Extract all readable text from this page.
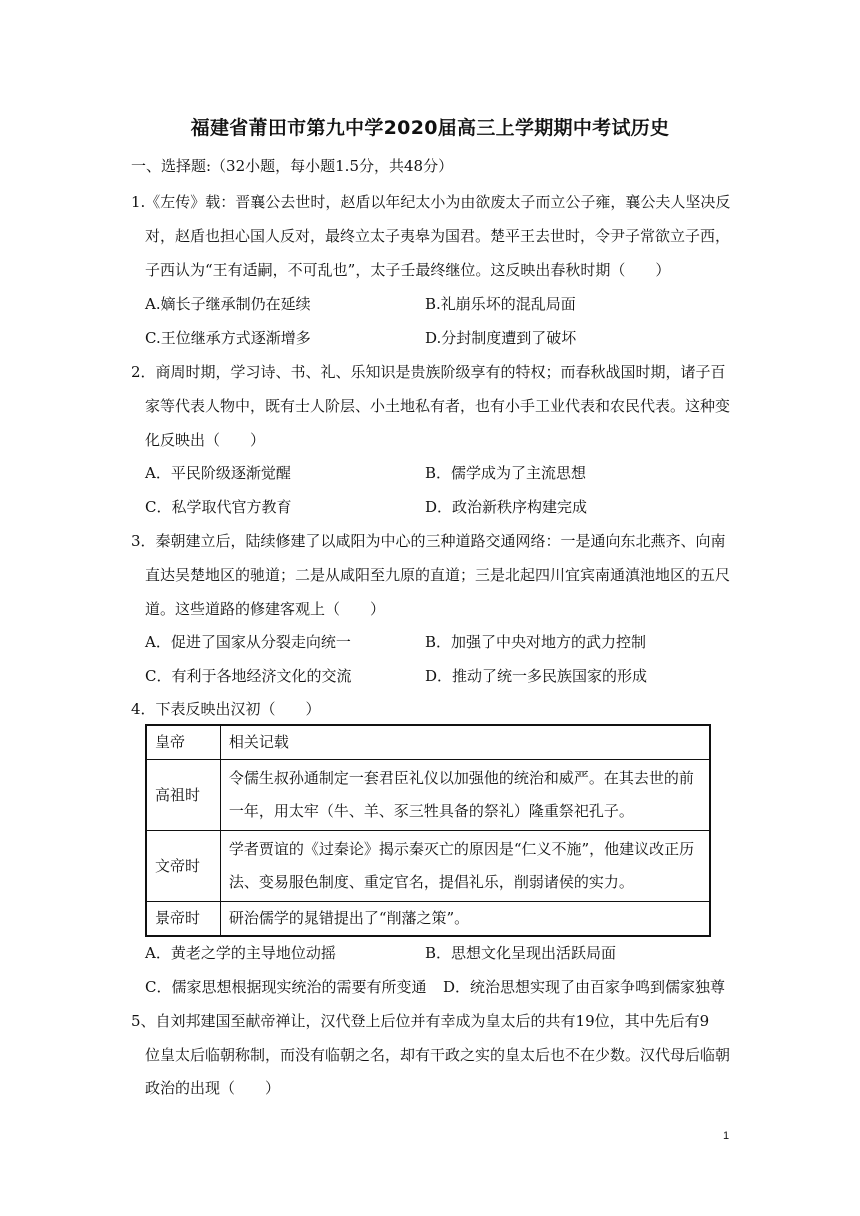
福建省莆田市第九中学2020届高三上学期期中考试历史
一、选择题:（32小题，每小题1.5分，共48分）
1.《左传》载：晋襄公去世时，赵盾以年纪太小为由欲废太子而立公子雍，襄公夫人坚决反
对，赵盾也担心国人反对，最终立太子夷皋为国君。楚平王去世时，令尹子常欲立子西，
子西认为“王有适嗣，不可乱也”，太子壬最终继位。这反映出春秋时期（　　）
A.嫡长子继承制仍在延续	B.礼崩乐坏的混乱局面
C.王位继承方式逐渐增多	D.分封制度遭到了破坏
2．商周时期，学习诗、书、礼、乐知识是贵族阶级享有的特权；而春秋战国时期，诸子百
家等代表人物中，既有士人阶层、小土地私有者，也有小手工业代表和农民代表。这种变
化反映出（　　）
A．平民阶级逐渐觉醒	B．儒学成为了主流思想
C．私学取代官方教育	D．政治新秩序构建完成
3．秦朝建立后，陆续修建了以咸阳为中心的三种道路交通网络：一是通向东北燕齐、向南
直达吴楚地区的驰道；二是从咸阳至九原的直道；三是北起四川宜宾南通滇池地区的五尺
道。这些道路的修建客观上（　　）
A．促进了国家从分裂走向统一	B．加强了中央对地方的武力控制
C．有利于各地经济文化的交流	D．推动了统一多民族国家的形成
4．下表反映出汉初（　　）
皇帝	相关记载
高祖时	令儒生叔孙通制定一套君臣礼仪以加强他的统治和威严。在其去世的前
一年，用太牢（牛、羊、豕三牲具备的祭礼）隆重祭祀孔子。

文帝时	学者贾谊的《过秦论》揭示秦灭亡的原因是“仁义不施”，他建议改正历
法、变易服色制度、重定官名，提倡礼乐，削弱诸侯的实力。

景帝时	研治儒学的晁错提出了“削藩之策”。
A．黄老之学的主导地位动摇	B．思想文化呈现出活跃局面
C．儒家思想根据现实统治的需要有所变通 D．统治思想实现了由百家争鸣到儒家独尊
5、自刘邦建国至献帝禅让，汉代登上后位并有幸成为皇太后的共有19位，其中先后有9
位皇太后临朝称制，而没有临朝之名，却有干政之实的皇太后也不在少数。汉代母后临朝
政治的出现（　　）
1
